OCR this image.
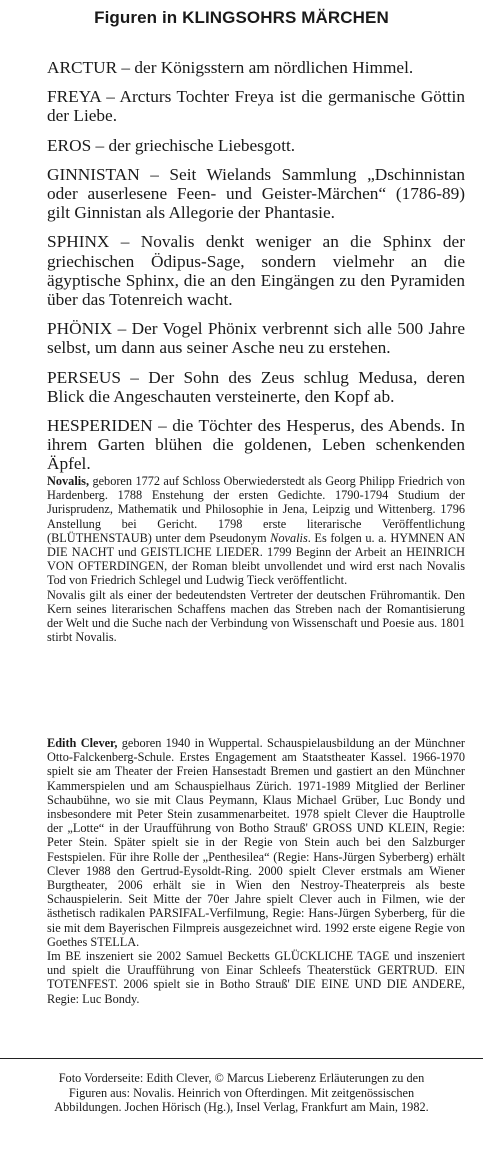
Figuren in KLINGSOHRS MÄRCHEN

ARCTUR – der Königsstern am nördlichen Himmel.

FREYA – Arcturs Tochter Freya ist die germanische Göttin der Liebe.

EROS – der griechische Liebesgott.

GINNISTAN – Seit Wielands Sammlung „Dschinnistan oder auserlesene Feen- und Geister-Märchen“ (1786-89) gilt Ginnistan als Allegorie der Phantasie.

SPHINX – Novalis denkt weniger an die Sphinx der griechischen Ödipus-Sage, sondern vielmehr an die ägyptische Sphinx, die an den Eingängen zu den Pyramiden über das Totenreich wacht.

PHÖNIX – Der Vogel Phönix verbrennt sich alle 500 Jahre selbst, um dann aus seiner Asche neu zu erstehen.

PERSEUS – Der Sohn des Zeus schlug Medusa, deren Blick die Angeschauten versteinerte, den Kopf ab.

HESPERIDEN – die Töchter des Hesperus, des Abends. In ihrem Garten blühen die goldenen, Leben schenkenden Äpfel.

Novalis, geboren 1772 auf Schloss Oberwiederstedt als Georg Philipp Friedrich von Hardenberg. 1788 Enstehung der ersten Gedichte. 1790-1794 Studium der Jurisprudenz, Mathematik und Philosophie in Jena, Leipzig und Wittenberg. 1796 Anstellung bei Gericht. 1798 erste literarische Veröffentlichung (BLÜTHENSTAUB) unter dem Pseudonym Novalis. Es folgen u. a. HYMNEN AN DIE NACHT und GEISTLICHE LIEDER. 1799 Beginn der Arbeit an HEINRICH VON OFTERDINGEN, der Roman bleibt unvollendet und wird erst nach Novalis Tod von Friedrich Schlegel und Ludwig Tieck veröffentlicht.

Novalis gilt als einer der bedeutendsten Vertreter der deutschen Frühromantik. Den Kern seines literarischen Schaffens machen das Streben nach der Romantisierung der Welt und die Suche nach der Verbindung von Wissenschaft und Poesie aus. 1801 stirbt Novalis.

Edith Clever, geboren 1940 in Wuppertal. Schauspielausbildung an der Münchner Otto-Falckenberg-Schule. Erstes Engagement am Staatstheater Kassel. 1966-1970 spielt sie am Theater der Freien Hansestadt Bremen und gastiert an den Münchner Kammerspielen und am Schauspielhaus Zürich. 1971-1989 Mitglied der Berliner Schaubühne, wo sie mit Claus Peymann, Klaus Michael Grüber, Luc Bondy und insbesondere mit Peter Stein zusammenarbeitet. 1978 spielt Clever die Hauptrolle der „Lotte“ in der Uraufführung von Botho Strauß' GROSS UND KLEIN, Regie: Peter Stein. Später spielt sie in der Regie von Stein auch bei den Salzburger Festspielen. Für ihre Rolle der „Penthesilea“ (Regie: Hans-Jürgen Syberberg) erhält Clever 1988 den Gertrud-Eysoldt-Ring. 2000 spielt Clever erstmals am Wiener Burgtheater, 2006 erhält sie in Wien den Nestroy-Theaterpreis als beste Schauspielerin. Seit Mitte der 70er Jahre spielt Clever auch in Filmen, wie der ästhetisch radikalen PARSIFAL-Verfilmung, Regie: Hans-Jürgen Syberberg, für die sie mit dem Bayerischen Filmpreis ausgezeichnet wird. 1992 erste eigene Regie von Goethes STELLA.

Im BE inszeniert sie 2002 Samuel Becketts GLÜCKLICHE TAGE und inszeniert und spielt die Uraufführung von Einar Schleefs Theaterstück GERTRUD. EIN TOTENFEST. 2006 spielt sie in Botho Strauß' DIE EINE UND DIE ANDERE, Regie: Luc Bondy.

Foto Vorderseite: Edith Clever, © Marcus Lieberenz Erläuterungen zu den Figuren aus: Novalis. Heinrich von Ofterdingen. Mit zeitgenössischen Abbildungen. Jochen Hörisch (Hg.), Insel Verlag, Frankfurt am Main, 1982.
